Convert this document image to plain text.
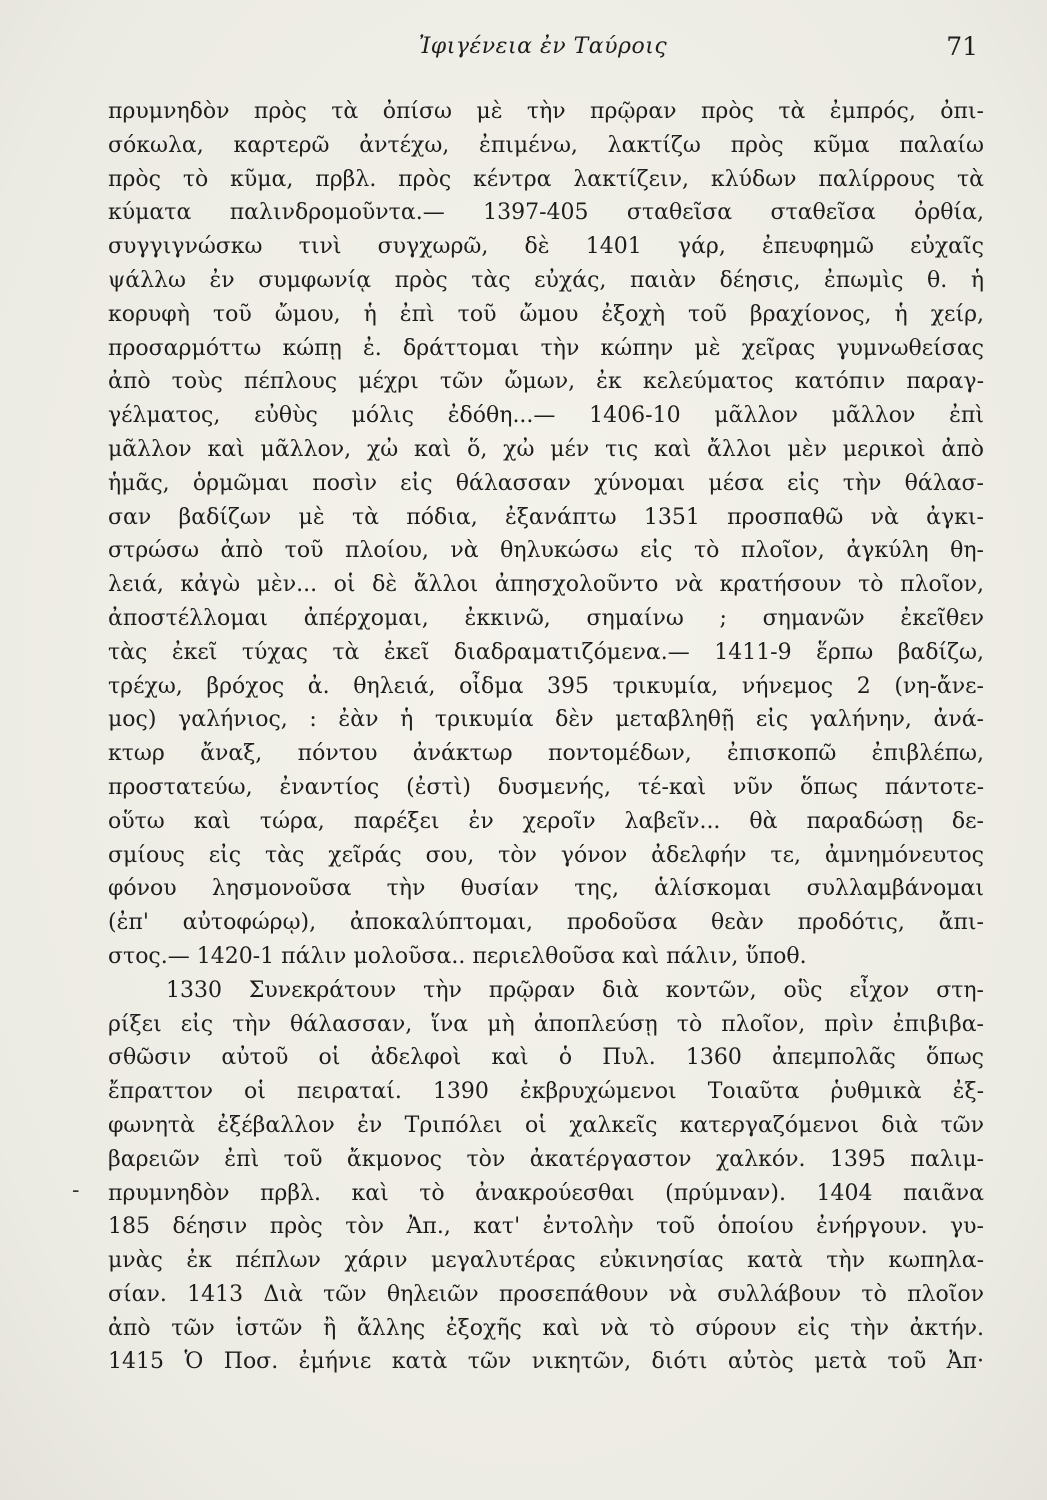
Ἰφιγένεια ἐν Ταύροις	71
πρυμνηδὸν πρὸς τὰ ὀπίσω μὲ τὴν πρῷραν πρὸς τὰ ἐμπρός, ὀπι-
σόκωλα, καρτερῶ ἀντέχω, ἐπιμένω, λακτίζω πρὸς κῦμα παλαίω
πρὸς τὸ κῦμα, πρβλ. πρὸς κέντρα λακτίζειν, κλύδων παλίρρους τὰ
κύματα παλινδρομοῦντα.— 1397-405 σταθεῖσα σταθεῖσα ὀρθία,
συγγιγνώσκω τινὶ συγχωρῶ, δὲ 1401 γάρ, ἐπευφημῶ εὐχαῖς
ψάλλω ἐν συμφωνίᾳ πρὸς τὰς εὐχάς, παιὰν δέησις, ἐπωμὶς θ. ἡ
κορυφὴ τοῦ ὤμου, ἡ ἐπὶ τοῦ ὤμου ἐξοχὴ τοῦ βραχίονος, ἡ χείρ,
προσαρμόττω κώπῃ ἐ. δράττομαι τὴν κώπην μὲ χεῖρας γυμνωθείσας
ἀπὸ τοὺς πέπλους μέχρι τῶν ὤμων, ἐκ κελεύματος κατόπιν παραγ-
γέλματος, εὐθὺς μόλις ἐδόθη...— 1406-10 μᾶλλον μᾶλλον ἐπὶ
μᾶλλον καὶ μᾶλλον, χὠ καὶ ὅ, χὠ μέν τις καὶ ἄλλοι μὲν μερικοὶ ἀπὸ
ἡμᾶς, ὁρμῶμαι ποσὶν εἰς θάλασσαν χύνομαι μέσα εἰς τὴν θάλασ-
σαν βαδίζων μὲ τὰ πόδια, ἐξανάπτω 1351 προσπαθῶ νὰ ἀγκι-
στρώσω ἀπὸ τοῦ πλοίου, νὰ θηλυκώσω εἰς τὸ πλοῖον, ἀγκύλη θη-
λειά, κἀγὼ μὲν... οἱ δὲ ἄλλοι ἀπησχολοῦντο νὰ κρατήσουν τὸ πλοῖον,
ἀποστέλλομαι ἀπέρχομαι, ἐκκινῶ, σημαίνω ; σημανῶν ἐκεῖθεν
τὰς ἐκεῖ τύχας τὰ ἐκεῖ διαδραματιζόμενα.— 1411-9 ἕρπω βαδίζω,
τρέχω, βρόχος ἀ. θηλειά, οἶδμα 395 τρικυμία, νήνεμος 2 (νη-ἄνε-
μος) γαλήνιος, : ἐὰν ἡ τρικυμία δὲν μεταβληθῇ εἰς γαλήνην, ἀνά-
κτωρ ἄναξ, πόντου ἀνάκτωρ ποντομέδων, ἐπισκοπῶ ἐπιβλέπω,
προστατεύω, ἐναντίος (ἐστὶ) δυσμενής, τέ-καὶ νῦν ὅπως πάντοτε-
οὕτω καὶ τώρα, παρέξει ἐν χεροῖν λαβεῖν... θὰ παραδώσῃ δε-
σμίους εἰς τὰς χεῖράς σου, τὸν γόνον ἀδελφήν τε, ἀμνημόνευτος
φόνου λησμονοῦσα τὴν θυσίαν της, ἁλίσκομαι συλλαμβάνομαι
(ἐπ' αὐτοφώρῳ), ἀποκαλύπτομαι, προδοῦσα θεὰν προδότις, ἄπι-
στος.— 1420-1 πάλιν μολοῦσα.. περιελθοῦσα καὶ πάλιν, ὕποθ.
1330 Συνεκράτουν τὴν πρῷραν διὰ κοντῶν, οὓς εἶχον στη-
ρίξει εἰς τὴν θάλασσαν, ἵνα μὴ ἀποπλεύσῃ τὸ πλοῖον, πρὶν ἐπιβιβα-
σθῶσιν αὐτοῦ οἱ ἀδελφοὶ καὶ ὁ Πυλ. 1360 ἀπεμπολᾶς ὅπως
ἔπραττον οἱ πειραταί. 1390 ἐκβρυχώμενοι Τοιαῦτα ῥυθμικὰ ἐξ-
φωνητὰ ἐξέβαλλον ἐν Τριπόλει οἱ χαλκεῖς κατεργαζόμενοι διὰ τῶν
βαρειῶν ἐπὶ τοῦ ἄκμονος τὸν ἀκατέργαστον χαλκόν. 1395 παλιμ-
πρυμνηδὸν πρβλ. καὶ τὸ ἀνακρούεσθαι (πρύμναν). 1404 παιᾶνα
185 δέησιν πρὸς τὸν Ἀπ., κατ' ἐντολὴν τοῦ ὁποίου ἐνήργουν. γυ-
μνὰς ἐκ πέπλων χάριν μεγαλυτέρας εὐκινησίας κατὰ τὴν κωπηλα-
σίαν. 1413 Διὰ τῶν θηλειῶν προσεπάθουν νὰ συλλάβουν τὸ πλοῖον
ἀπὸ τῶν ἱστῶν ἢ ἄλλης ἐξοχῆς καὶ νὰ τὸ σύρουν εἰς τὴν ἀκτήν.
1415 Ὁ Ποσ. ἐμήνιε κατὰ τῶν νικητῶν, διότι αὐτὸς μετὰ τοῦ Ἀπ·
-
